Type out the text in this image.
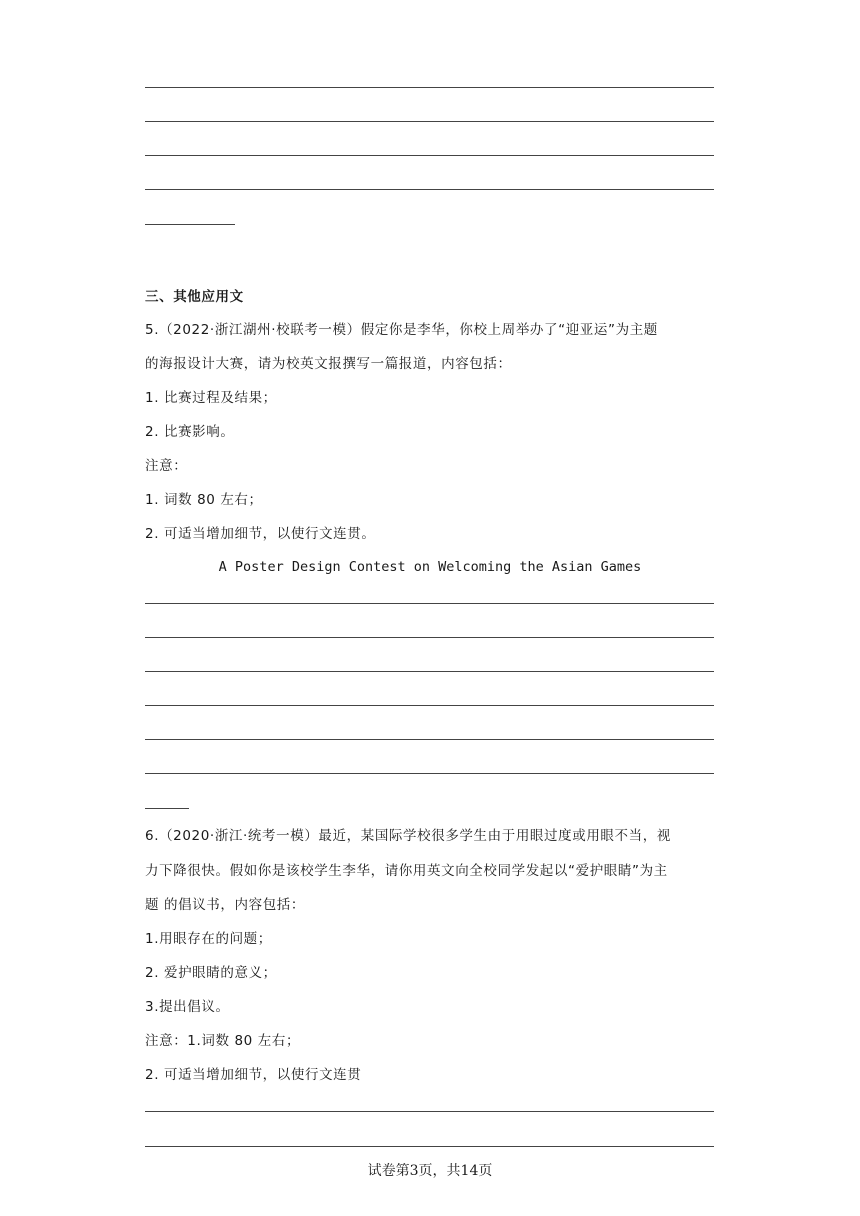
三、其他应用文
5.（2022·浙江湖州·校联考一模）假定你是李华，你校上周举办了“迎亚运”为主题
的海报设计大赛，请为校英文报撰写一篇报道，内容包括：
1. 比赛过程及结果；
2. 比赛影响。
注意：
1. 词数 80 左右；
2. 可适当增加细节，以使行文连贯。
A Poster Design Contest on Welcoming the Asian Games
6.（2020·浙江·统考一模）最近，某国际学校很多学生由于用眼过度或用眼不当，视
力下降很快。假如你是该校学生李华，请你用英文向全校同学发起以“爱护眼睛”为主
题 的倡议书，内容包括：
1.用眼存在的问题；
2. 爱护眼睛的意义；
3.提出倡议。
注意：1.词数 80 左右；
2. 可适当增加细节，以使行文连贯
试卷第3页，共14页
